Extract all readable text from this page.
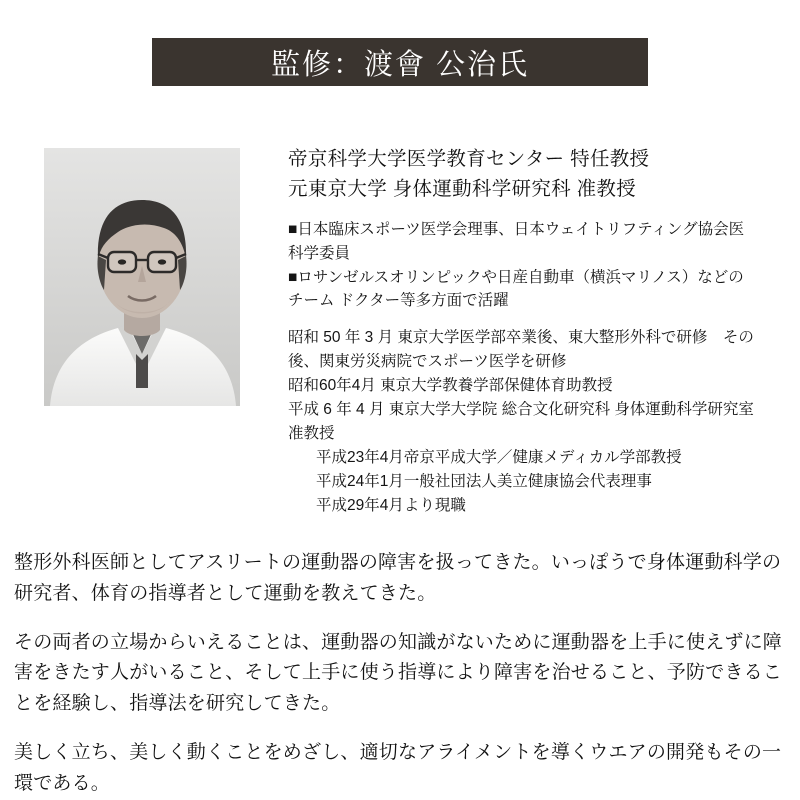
監修：渡會 公治氏
帝京科学大学医学教育センター 特任教授
元東京大学 身体運動科学研究科 准教授

■日本臨床スポーツ医学会理事、日本ウェイトリフティング協会医科学委員

■ロサンゼルスオリンピックや日産自動車（横浜マリノス）などのチーム ドクター等多方面で活躍

昭和 50 年 3 月 東京大学医学部卒業後、東大整形外科で研修　その後、関東労災病院でスポーツ医学を研修

昭和60年4月 東京大学教養学部保健体育助教授

平成 6 年 4 月 東京大学大学院 総合文化研究科 身体運動科学研究室准教授

平成23年4月帝京平成大学／健康メディカル学部教授

平成24年1月一般社団法人美立健康協会代表理事

平成29年4月より現職

整形外科医師としてアスリートの運動器の障害を扱ってきた。いっぽうで身体運動科学の研究者、体育の指導者として運動を教えてきた。

その両者の立場からいえることは、運動器の知識がないために運動器を上手に使えずに障害をきたす人がいること、そして上手に使う指導により障害を治せること、予防できることを経験し、指導法を研究してきた。

美しく立ち、美しく動くことをめざし、適切なアライメントを導くウエアの開発もその一環である。
